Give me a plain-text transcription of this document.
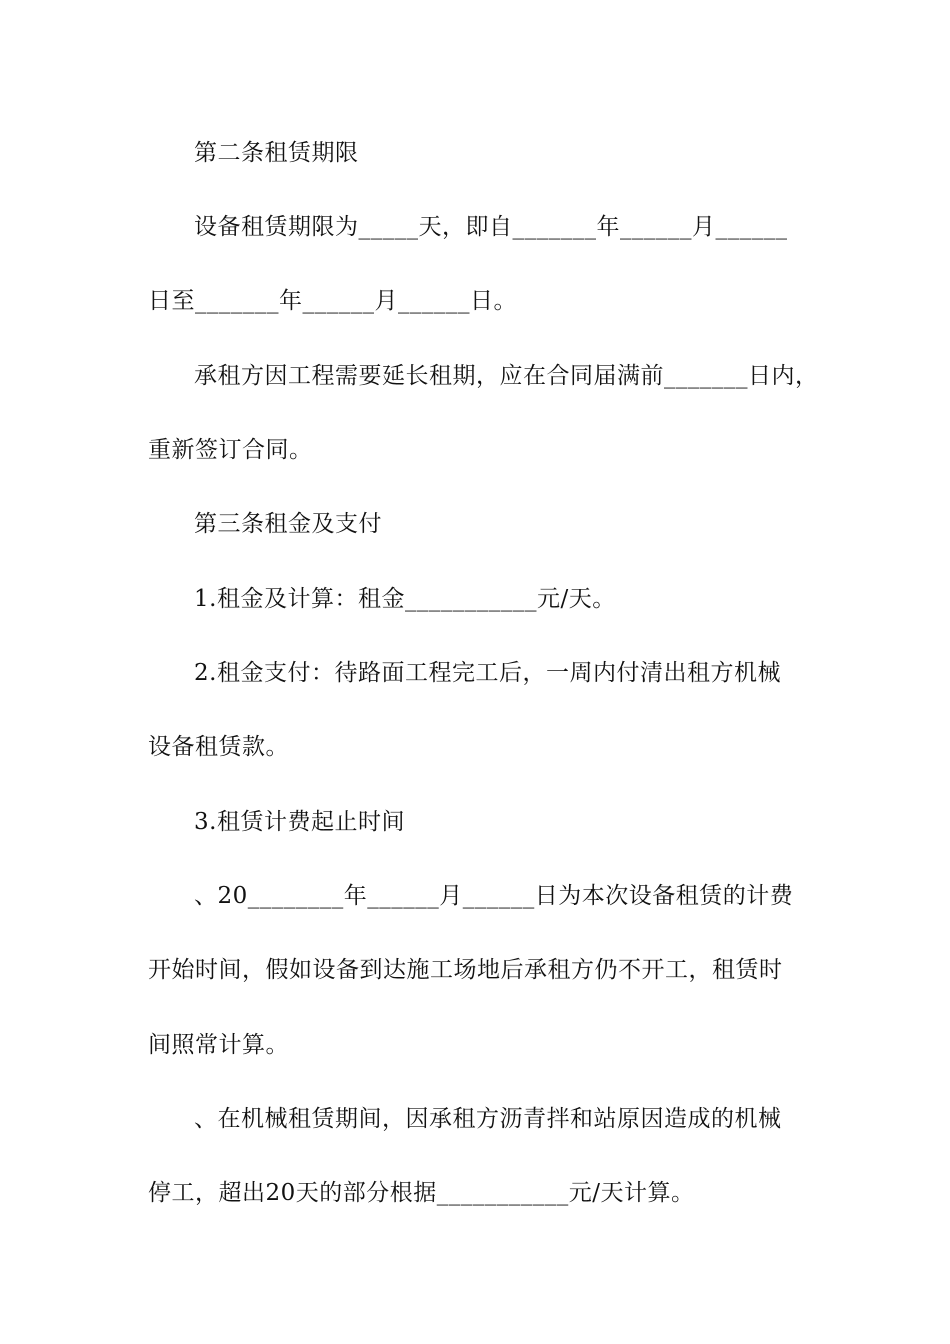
第二条租赁期限
设备租赁期限为_____天，即自_______年______月______
日至_______年______月______日。
承租方因工程需要延长租期，应在合同届满前_______日内，
重新签订合同。
第三条租金及支付
1.租金及计算：租金___________元/天。
2.租金支付：待路面工程完工后，一周内付清出租方机械
设备租赁款。
3.租赁计费起止时间
、20________年______月______日为本次设备租赁的计费
开始时间，假如设备到达施工场地后承租方仍不开工，租赁时
间照常计算。
、在机械租赁期间，因承租方沥青拌和站原因造成的机械
停工，超出20天的部分根据___________元/天计算。
